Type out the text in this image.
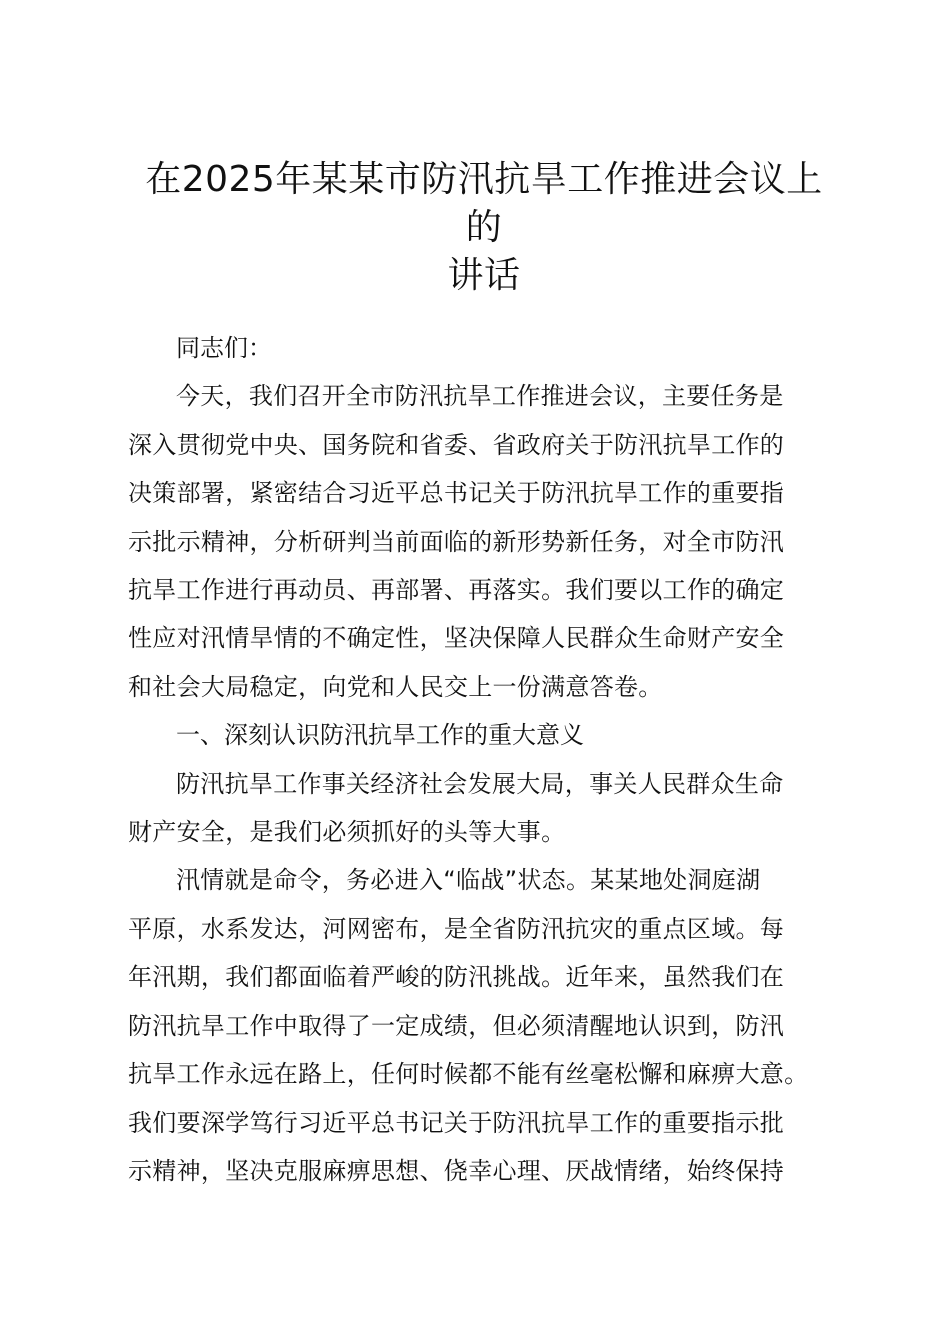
在2025年某某市防汛抗旱工作推进会议上的
讲话

同志们：

今天，我们召开全市防汛抗旱工作推进会议，主要任务是
深入贯彻党中央、国务院和省委、省政府关于防汛抗旱工作的
决策部署，紧密结合习近平总书记关于防汛抗旱工作的重要指
示批示精神，分析研判当前面临的新形势新任务，对全市防汛
抗旱工作进行再动员、再部署、再落实。我们要以工作的确定
性应对汛情旱情的不确定性，坚决保障人民群众生命财产安全
和社会大局稳定，向党和人民交上一份满意答卷。

一、深刻认识防汛抗旱工作的重大意义

防汛抗旱工作事关经济社会发展大局，事关人民群众生命
财产安全，是我们必须抓好的头等大事。

汛情就是命令，务必进入“临战”状态。某某地处洞庭湖
平原，水系发达，河网密布，是全省防汛抗灾的重点区域。每
年汛期，我们都面临着严峻的防汛挑战。近年来，虽然我们在
防汛抗旱工作中取得了一定成绩，但必须清醒地认识到，防汛
抗旱工作永远在路上，任何时候都不能有丝毫松懈和麻痹大意。
我们要深学笃行习近平总书记关于防汛抗旱工作的重要指示批
示精神，坚决克服麻痹思想、侥幸心理、厌战情绪，始终保持
